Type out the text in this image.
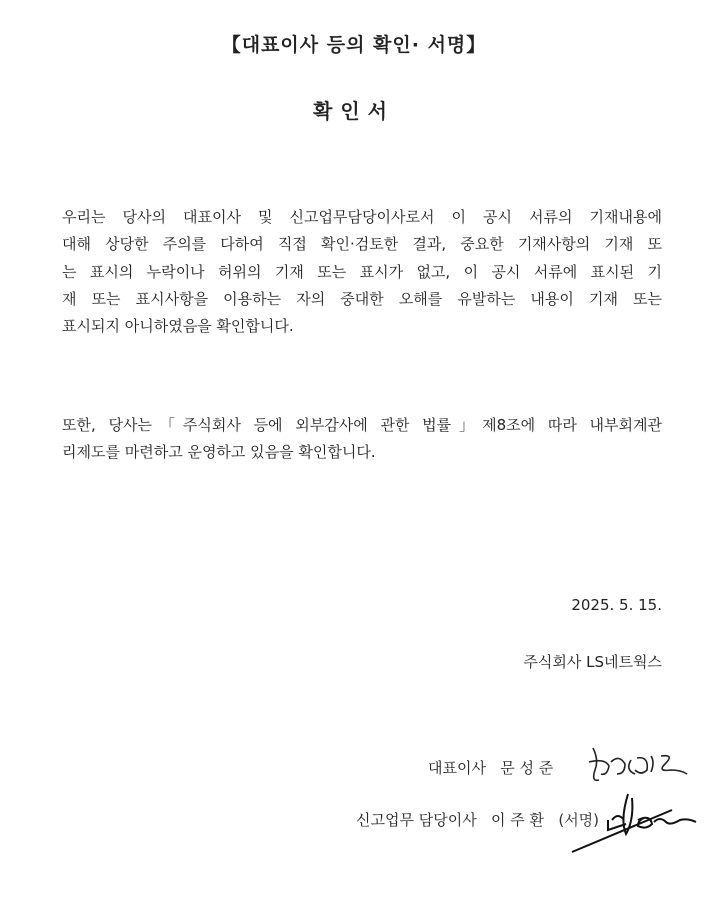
【대표이사 등의 확인· 서명】
확인서
우리는 당사의 대표이사 및 신고업무담당이사로서 이 공시 서류의 기재내용에
대해 상당한 주의를 다하여 직접 확인·검토한 결과, 중요한 기재사항의 기재 또
는 표시의 누락이나 허위의 기재 또는 표시가 없고, 이 공시 서류에 표시된 기
재 또는 표시사항을 이용하는 자의 중대한 오해를 유발하는 내용이 기재 또는
표시되지 아니하였음을 확인합니다.
또한, 당사는「주식회사 등에 외부감사에 관한 법률」제8조에 따라 내부회계관
리제도를 마련하고 운영하고 있음을 확인합니다.
2025. 5. 15.
주식회사 LS네트웍스
대표이사 문 성 준
신고업무 담당이사 이 주 환 (서명)
